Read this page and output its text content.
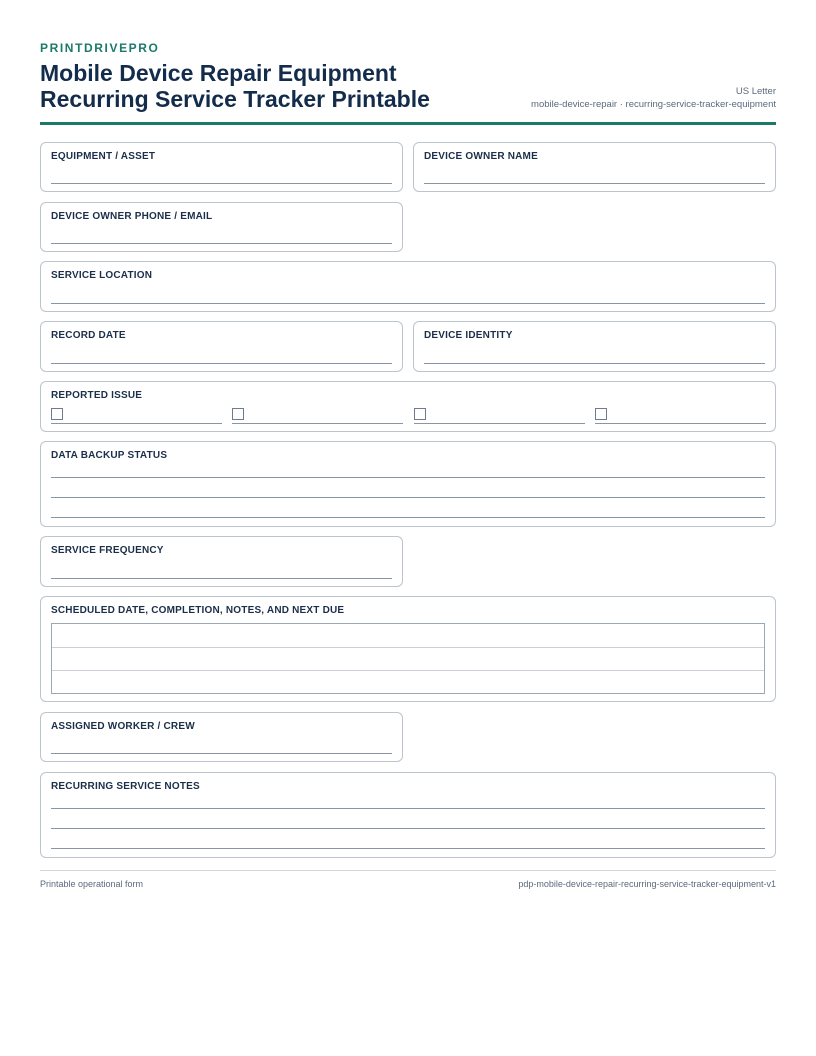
PRINTDRIVEPRO
Mobile Device Repair Equipment Recurring Service Tracker Printable	US Letter
mobile-device-repair · recurring-service-tracker-equipment
EQUIPMENT / ASSET	DEVICE OWNER NAME
DEVICE OWNER PHONE / EMAIL
SERVICE LOCATION
RECORD DATE	DEVICE IDENTITY
REPORTED ISSUE
DATA BACKUP STATUS
SERVICE FREQUENCY
SCHEDULED DATE, COMPLETION, NOTES, AND NEXT DUE
ASSIGNED WORKER / CREW
RECURRING SERVICE NOTES
Printable operational form	pdp-mobile-device-repair-recurring-service-tracker-equipment-v1
